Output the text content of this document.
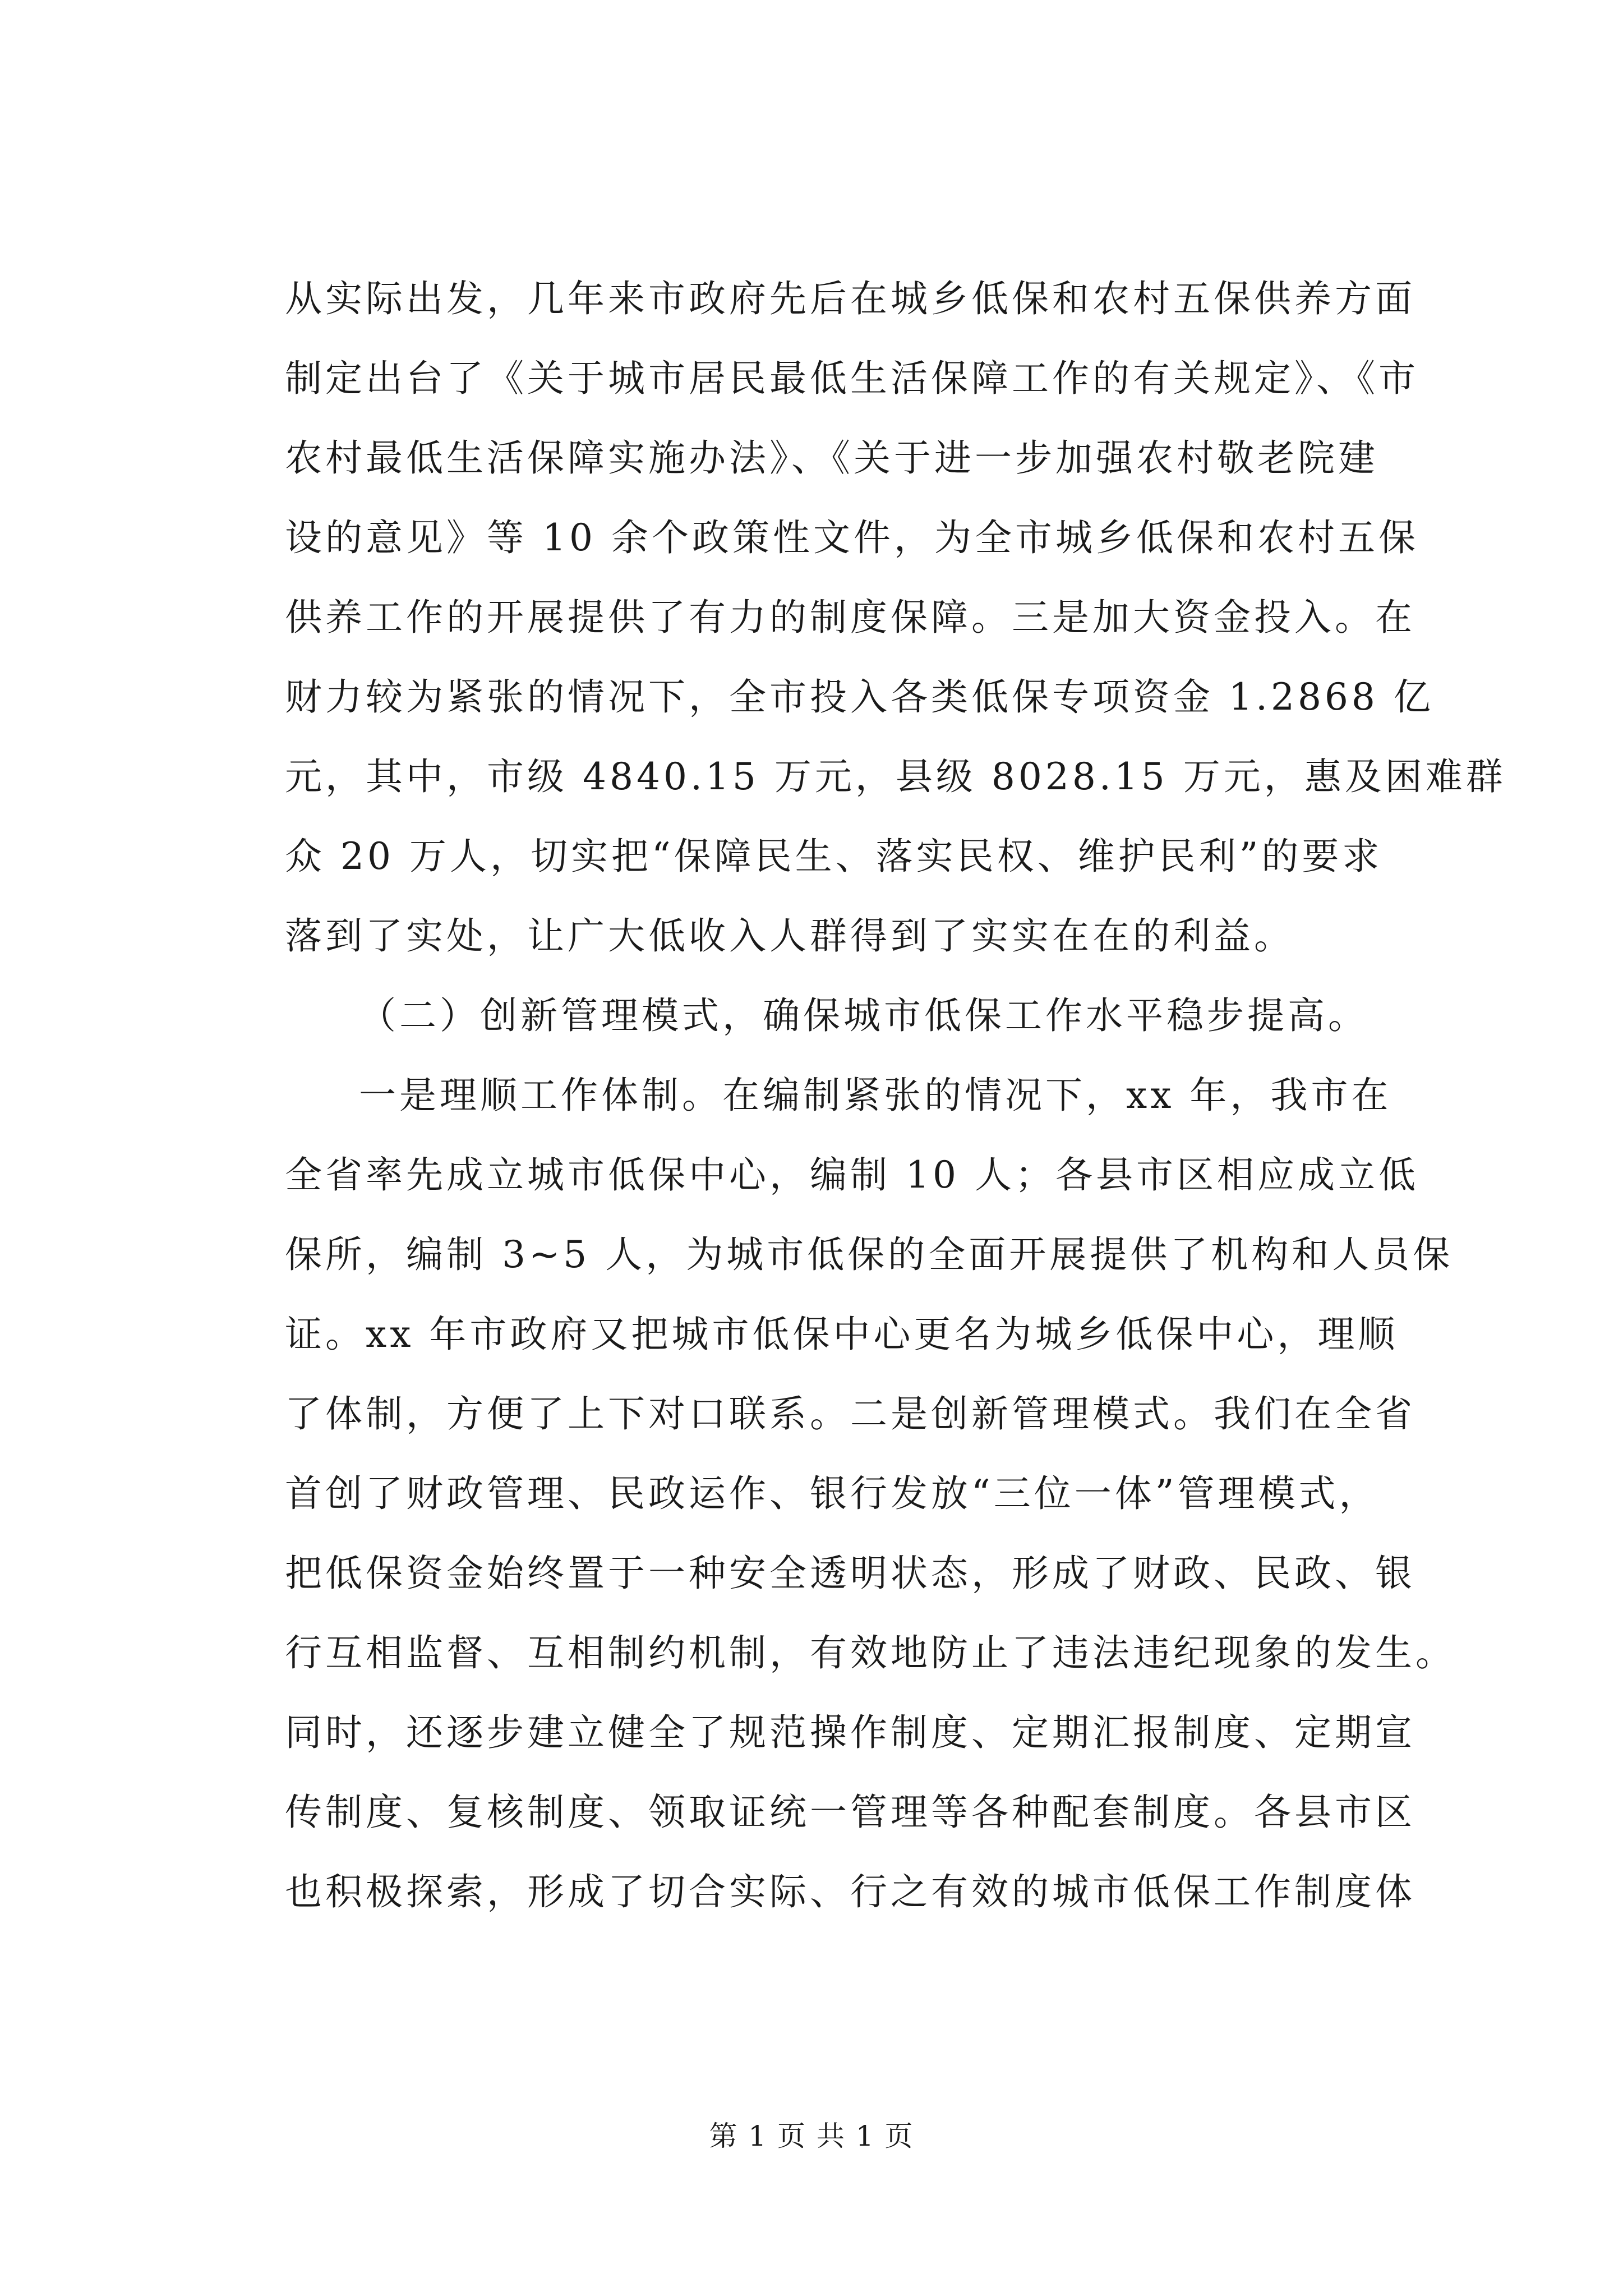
从实际出发，几年来市政府先后在城乡低保和农村五保供养方面
制定出台了《关于城市居民最低生活保障工作的有关规定》、《市
农村最低生活保障实施办法》、《关于进一步加强农村敬老院建
设的意见》等 10 余个政策性文件，为全市城乡低保和农村五保
供养工作的开展提供了有力的制度保障。三是加大资金投入。在
财力较为紧张的情况下，全市投入各类低保专项资金 1.2868 亿
元，其中，市级 4840.15 万元，县级 8028.15 万元，惠及困难群
众 20 万人，切实把“保障民生、落实民权、维护民利”的要求
落到了实处，让广大低收入人群得到了实实在在的利益。
（二）创新管理模式，确保城市低保工作水平稳步提高。
一是理顺工作体制。在编制紧张的情况下，xx 年，我市在
全省率先成立城市低保中心，编制 10 人；各县市区相应成立低
保所，编制 3~5 人，为城市低保的全面开展提供了机构和人员保
证。xx 年市政府又把城市低保中心更名为城乡低保中心，理顺
了体制，方便了上下对口联系。二是创新管理模式。我们在全省
首创了财政管理、民政运作、银行发放“三位一体”管理模式，
把低保资金始终置于一种安全透明状态，形成了财政、民政、银
行互相监督、互相制约机制，有效地防止了违法违纪现象的发生。
同时，还逐步建立健全了规范操作制度、定期汇报制度、定期宣
传制度、复核制度、领取证统一管理等各种配套制度。各县市区
也积极探索，形成了切合实际、行之有效的城市低保工作制度体
第 1 页 共 1 页
